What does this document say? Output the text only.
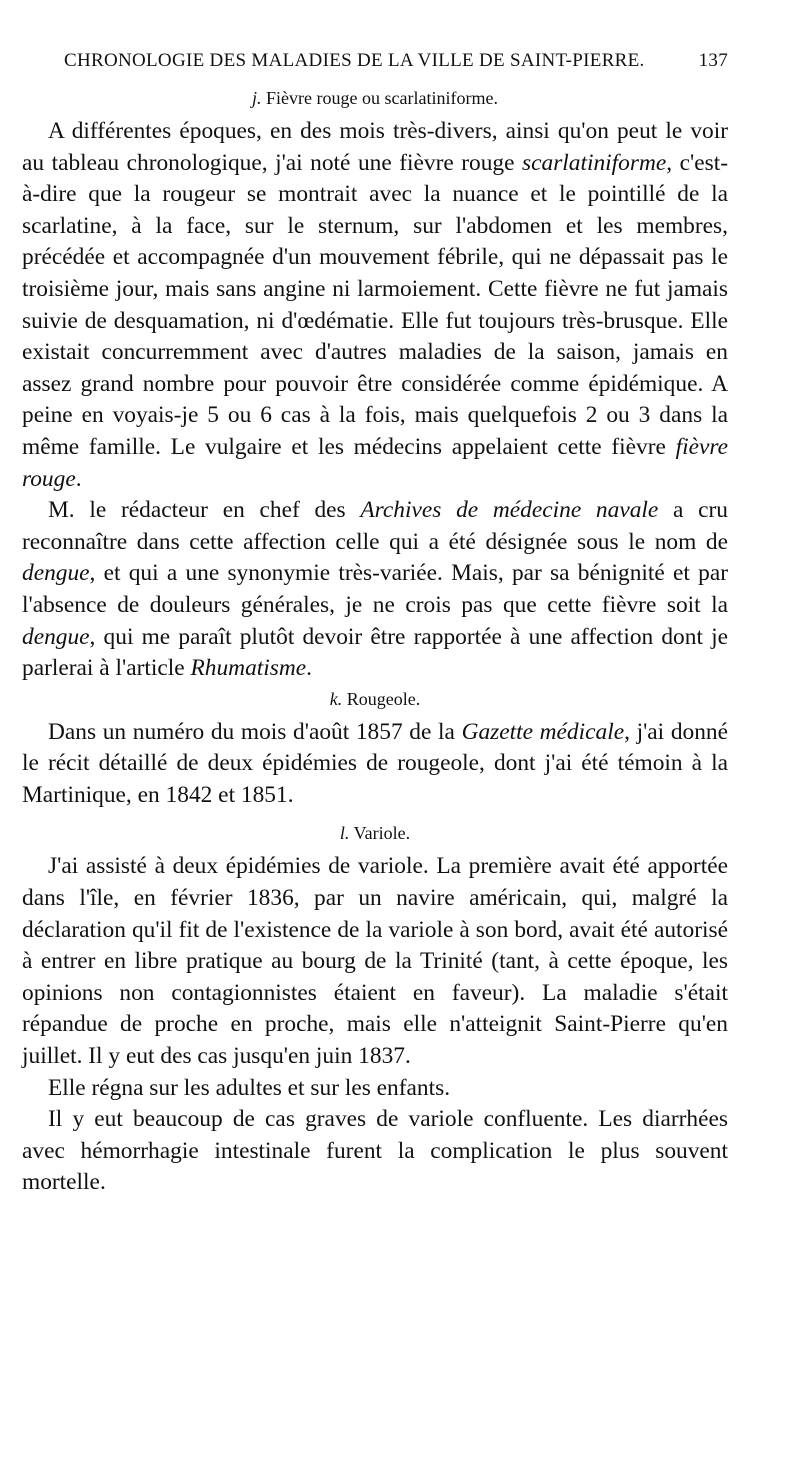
CHRONOLOGIE DES MALADIES DE LA VILLE DE SAINT-PIERRE.	137
j. Fièvre rouge ou scarlatiniforme.

A différentes époques, en des mois très-divers, ainsi qu'on peut le voir au tableau chronologique, j'ai noté une fièvre rouge scarlatiniforme, c'est-à-dire que la rougeur se montrait avec la nuance et le pointillé de la scarlatine, à la face, sur le sternum, sur l'abdomen et les membres, précédée et accompagnée d'un mouvement fébrile, qui ne dépassait pas le troisième jour, mais sans angine ni larmoiement. Cette fièvre ne fut jamais suivie de desquamation, ni d'œdématie. Elle fut toujours très-brusque. Elle existait concurremment avec d'autres maladies de la saison, jamais en assez grand nombre pour pouvoir être considérée comme épidémique. A peine en voyais-je 5 ou 6 cas à la fois, mais quelquefois 2 ou 3 dans la même famille. Le vulgaire et les médecins appelaient cette fièvre fièvre rouge.

M. le rédacteur en chef des Archives de médecine navale a cru reconnaître dans cette affection celle qui a été désignée sous le nom de dengue, et qui a une synonymie très-variée. Mais, par sa bénignité et par l'absence de douleurs générales, je ne crois pas que cette fièvre soit la dengue, qui me paraît plutôt devoir être rapportée à une affection dont je parlerai à l'article Rhumatisme.

k. Rougeole.

Dans un numéro du mois d'août 1857 de la Gazette médicale, j'ai donné le récit détaillé de deux épidémies de rougeole, dont j'ai été témoin à la Martinique, en 1842 et 1851.

l. Variole.

J'ai assisté à deux épidémies de variole. La première avait été apportée dans l'île, en février 1836, par un navire américain, qui, malgré la déclaration qu'il fit de l'existence de la variole à son bord, avait été autorisé à entrer en libre pratique au bourg de la Trinité (tant, à cette époque, les opinions non contagionnistes étaient en faveur). La maladie s'était répandue de proche en proche, mais elle n'atteignit Saint-Pierre qu'en juillet. Il y eut des cas jusqu'en juin 1837.

Elle régna sur les adultes et sur les enfants.

Il y eut beaucoup de cas graves de variole confluente. Les diarrhées avec hémorrhagie intestinale furent la complication le plus souvent mortelle.
